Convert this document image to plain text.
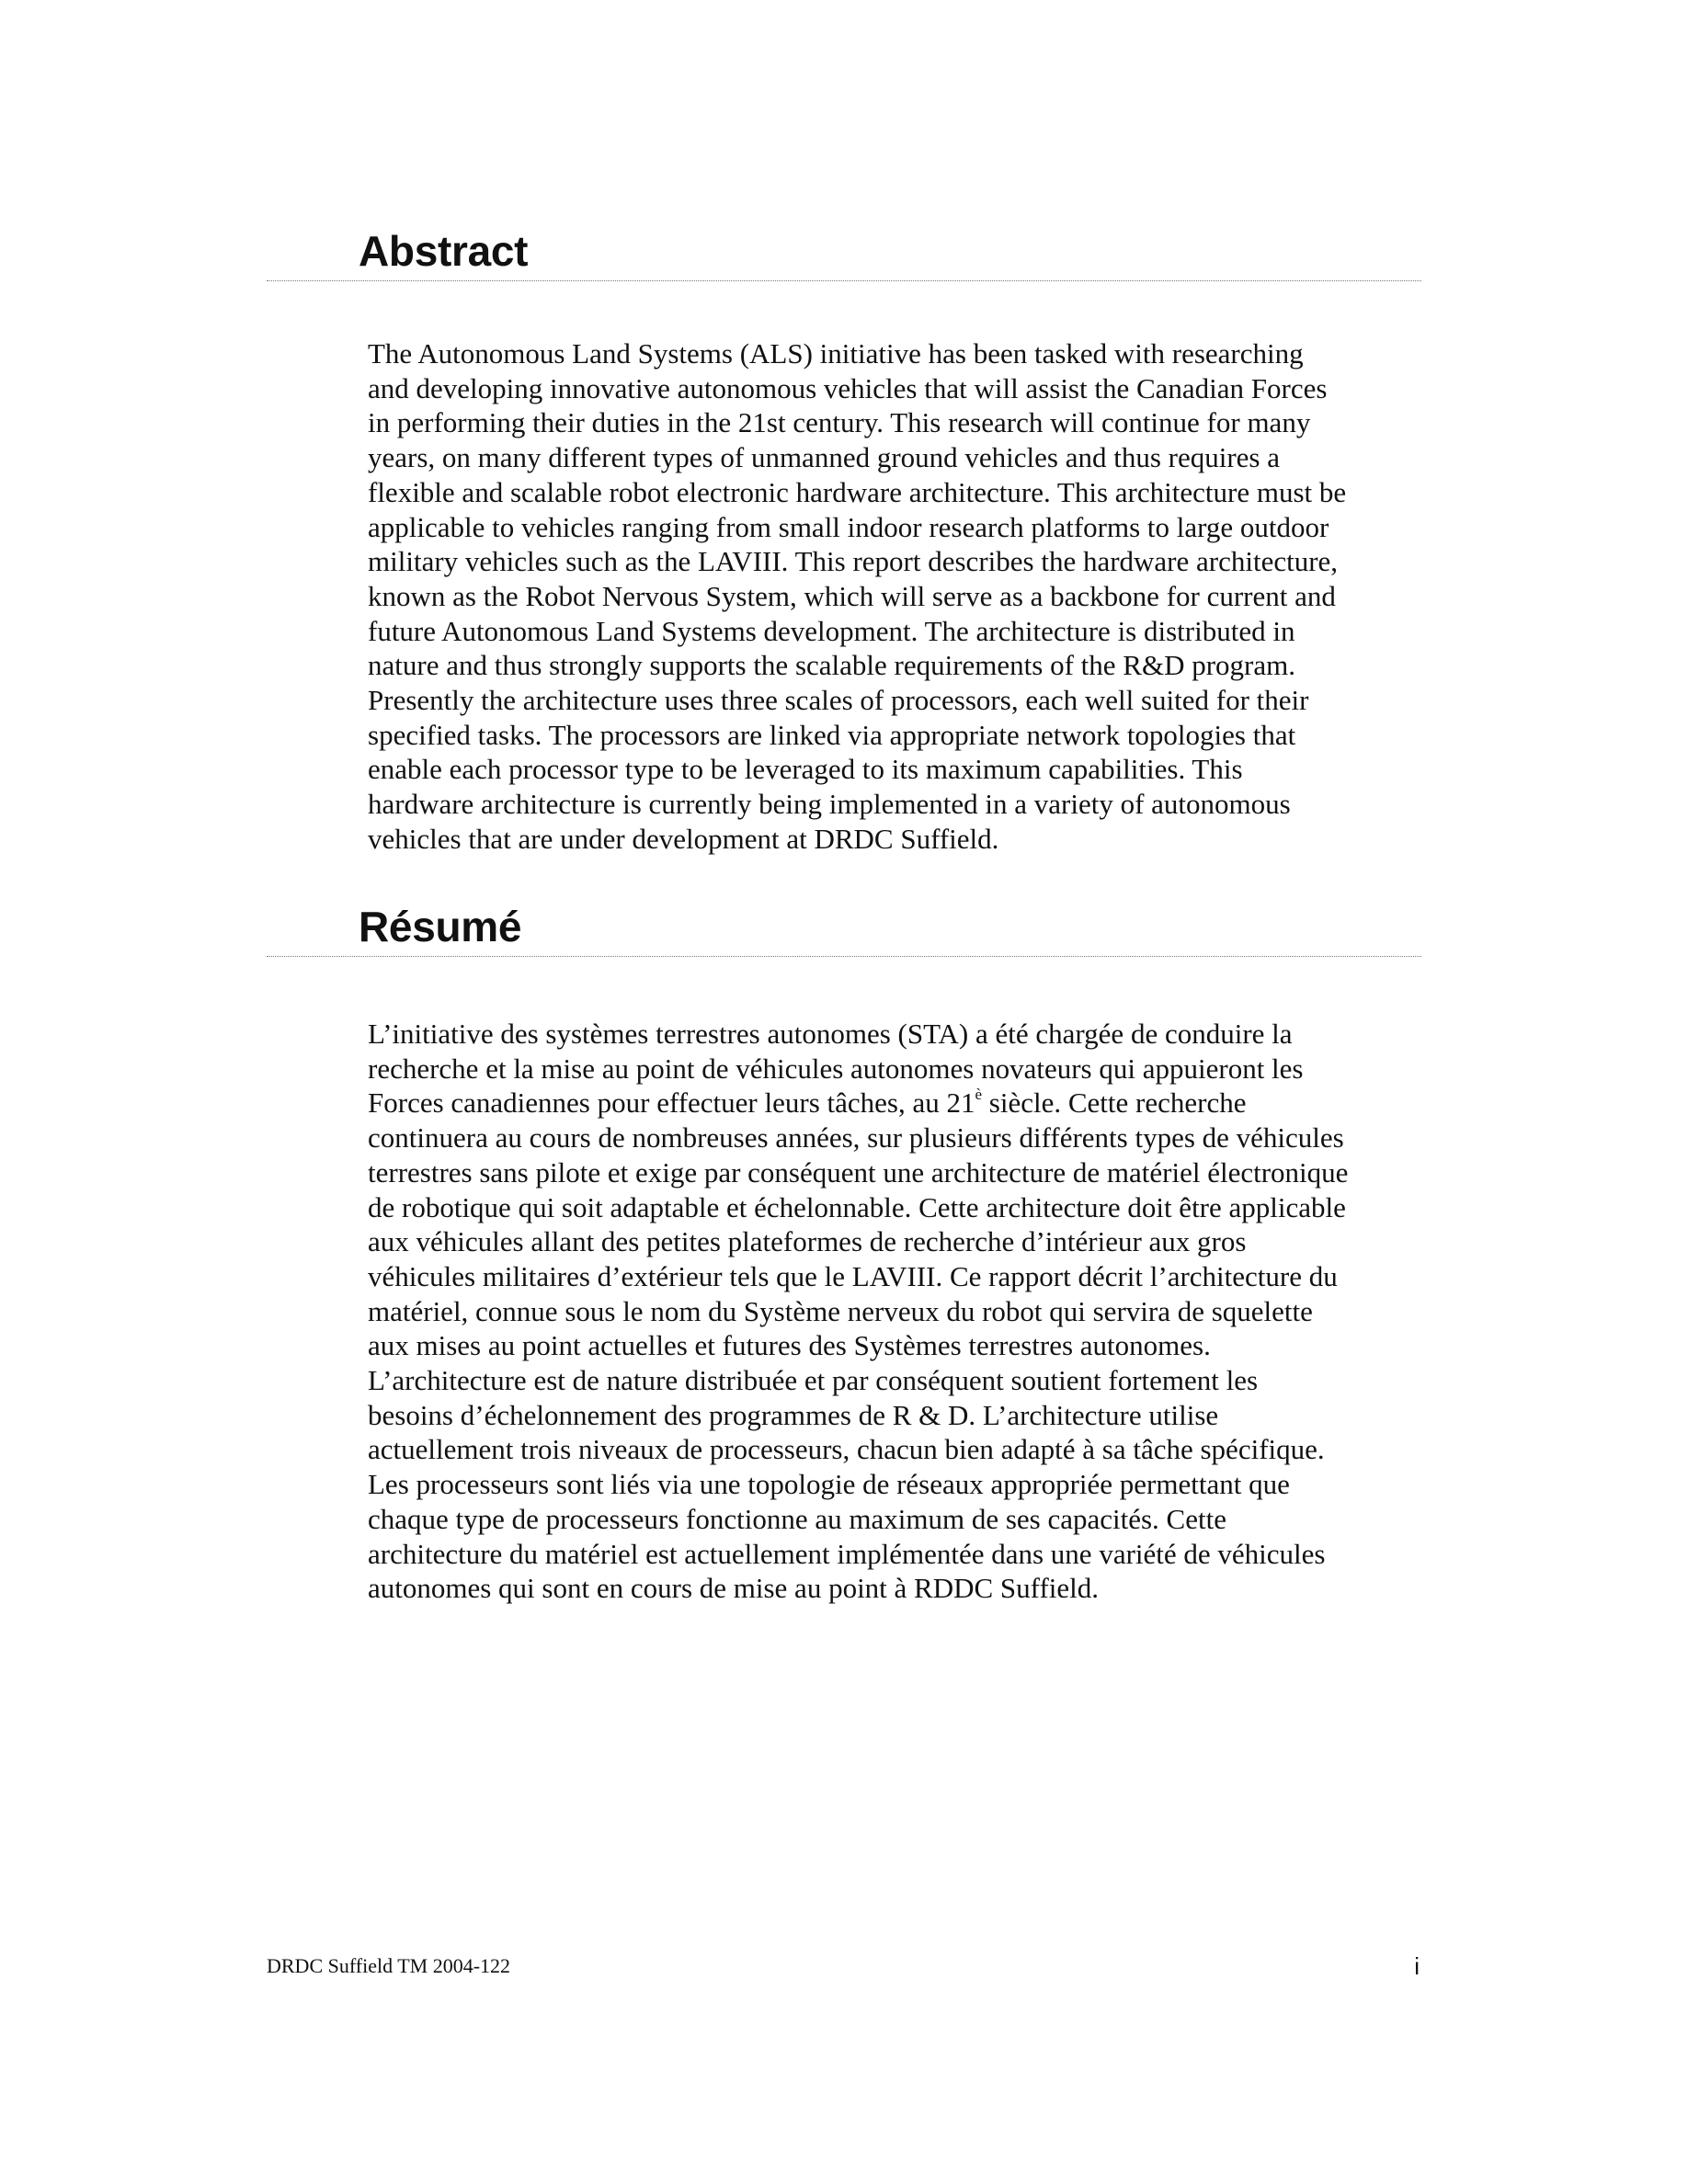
Abstract

The Autonomous Land Systems (ALS) initiative has been tasked with researching
and developing innovative autonomous vehicles that will assist the Canadian Forces
in performing their duties in the 21st century. This research will continue for many
years, on many different types of unmanned ground vehicles and thus requires a
flexible and scalable robot electronic hardware architecture. This architecture must be
applicable to vehicles ranging from small indoor research platforms to large outdoor
military vehicles such as the LAVIII. This report describes the hardware architecture,
known as the Robot Nervous System, which will serve as a backbone for current and
future Autonomous Land Systems development. The architecture is distributed in
nature and thus strongly supports the scalable requirements of the R&D program.
Presently the architecture uses three scales of processors, each well suited for their
specified tasks. The processors are linked via appropriate network topologies that
enable each processor type to be leveraged to its maximum capabilities. This
hardware architecture is currently being implemented in a variety of autonomous
vehicles that are under development at DRDC Suffield.

Résumé

L’initiative des systèmes terrestres autonomes (STA) a été chargée de conduire la
recherche et la mise au point de véhicules autonomes novateurs qui appuieront les
Forces canadiennes pour effectuer leurs tâches, au $21^è$ siècle. Cette recherche
continuera au cours de nombreuses années, sur plusieurs différents types de véhicules
terrestres sans pilote et exige par conséquent une architecture de matériel électronique
de robotique qui soit adaptable et échelonnable. Cette architecture doit être applicable
aux véhicules allant des petites plateformes de recherche d’intérieur aux gros
véhicules militaires d’extérieur tels que le LAVIII. Ce rapport décrit l’architecture du
matériel, connue sous le nom du Système nerveux du robot qui servira de squelette
aux mises au point actuelles et futures des Systèmes terrestres autonomes.
L’architecture est de nature distribuée et par conséquent soutient fortement les
besoins d’échelonnement des programmes de R & D. L’architecture utilise
actuellement trois niveaux de processeurs, chacun bien adapté à sa tâche spécifique.
Les processeurs sont liés via une topologie de réseaux appropriée permettant que
chaque type de processeurs fonctionne au maximum de ses capacités. Cette
architecture du matériel est actuellement implémentée dans une variété de véhicules
autonomes qui sont en cours de mise au point à RDDC Suffield.

DRDC Suffield TM 2004-122	i
